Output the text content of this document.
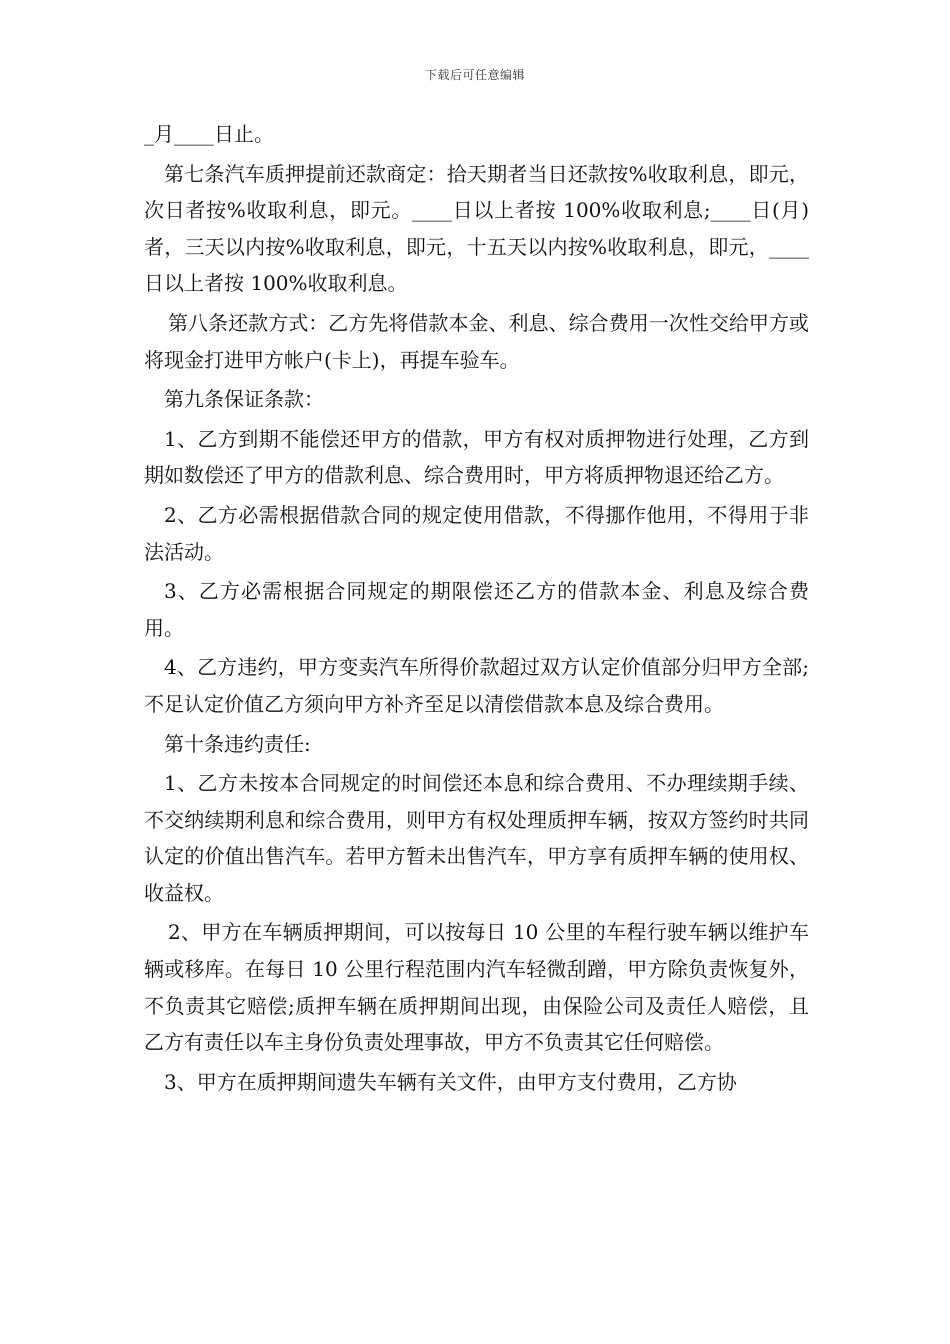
下载后可任意编辑

_月____日止。

第七条汽车质押提前还款商定：拾天期者当日还款按%收取利息，即元，次日者按%收取利息，即元。____日以上者按 100%收取利息;____日(月)者，三天以内按%收取利息，即元，十五天以内按%收取利息，即元，____日以上者按 100%收取利息。

第八条还款方式：乙方先将借款本金、利息、综合费用一次性交给甲方或将现金打进甲方帐户(卡上)，再提车验车。

第九条保证条款：

1、乙方到期不能偿还甲方的借款，甲方有权对质押物进行处理，乙方到期如数偿还了甲方的借款利息、综合费用时，甲方将质押物退还给乙方。

2、乙方必需根据借款合同的规定使用借款，不得挪作他用，不得用于非法活动。

3、乙方必需根据合同规定的期限偿还乙方的借款本金、利息及综合费用。

4、乙方违约，甲方变卖汽车所得价款超过双方认定价值部分归甲方全部;不足认定价值乙方须向甲方补齐至足以清偿借款本息及综合费用。

第十条违约责任:

1、乙方未按本合同规定的时间偿还本息和综合费用、不办理续期手续、不交纳续期利息和综合费用，则甲方有权处理质押车辆，按双方签约时共同认定的价值出售汽车。若甲方暂未出售汽车，甲方享有质押车辆的使用权、收益权。

2、甲方在车辆质押期间，可以按每日 10 公里的车程行驶车辆以维护车辆或移库。在每日 10 公里行程范围内汽车轻微刮蹭，甲方除负责恢复外，不负责其它赔偿;质押车辆在质押期间出现，由保险公司及责任人赔偿，且乙方有责任以车主身份负责处理事故，甲方不负责其它任何赔偿。

3、甲方在质押期间遗失车辆有关文件，由甲方支付费用，乙方协
